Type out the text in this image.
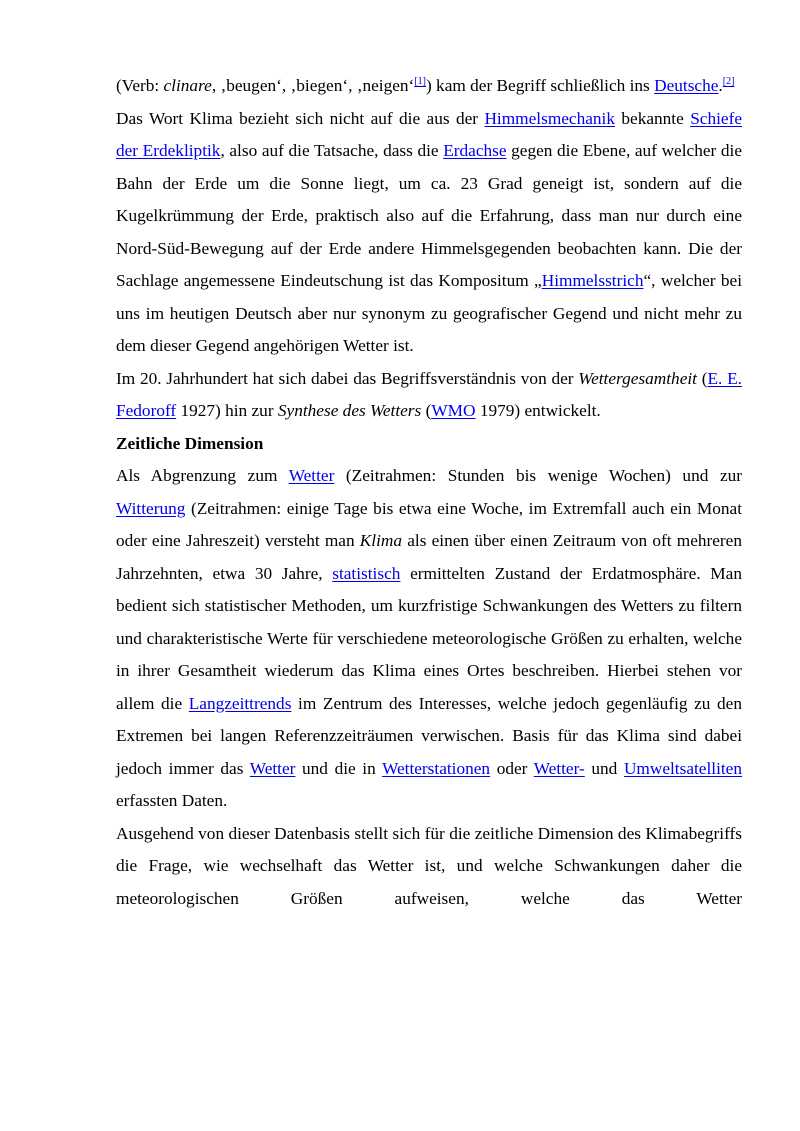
(Verb: clinare, ‚beugen‘, ‚biegen‘, ‚neigen‘[1]) kam der Begriff schließlich ins Deutsche.[2]

Das Wort Klima bezieht sich nicht auf die aus der Himmelsmechanik bekannte Schiefe der Erdekliptik, also auf die Tatsache, dass die Erdachse gegen die Ebene, auf welcher die Bahn der Erde um die Sonne liegt, um ca. 23 Grad geneigt ist, sondern auf die Kugelkrümmung der Erde, praktisch also auf die Erfahrung, dass man nur durch eine Nord-Süd-Bewegung auf der Erde andere Himmelsgegenden beobachten kann. Die der Sachlage angemessene Eindeutschung ist das Kompositum „Himmelsstrich“, welcher bei uns im heutigen Deutsch aber nur synonym zu geografischer Gegend und nicht mehr zu dem dieser Gegend angehörigen Wetter ist.

Im 20. Jahrhundert hat sich dabei das Begriffsverständnis von der Wettergesamtheit (E. E. Fedoroff 1927) hin zur Synthese des Wetters (WMO 1979) entwickelt.

Zeitliche Dimension

Als Abgrenzung zum Wetter (Zeitrahmen: Stunden bis wenige Wochen) und zur Witterung (Zeitrahmen: einige Tage bis etwa eine Woche, im Extremfall auch ein Monat oder eine Jahreszeit) versteht man Klima als einen über einen Zeitraum von oft mehreren Jahrzehnten, etwa 30 Jahre, statistisch ermittelten Zustand der Erdatmosphäre. Man bedient sich statistischer Methoden, um kurzfristige Schwankungen des Wetters zu filtern und charakteristische Werte für verschiedene meteorologische Größen zu erhalten, welche in ihrer Gesamtheit wiederum das Klima eines Ortes beschreiben. Hierbei stehen vor allem die Langzeittrends im Zentrum des Interesses, welche jedoch gegenläufig zu den Extremen bei langen Referenzzeiträumen verwischen. Basis für das Klima sind dabei jedoch immer das Wetter und die in Wetterstationen oder Wetter- und Umweltsatelliten erfassten Daten.

Ausgehend von dieser Datenbasis stellt sich für die zeitliche Dimension des Klimabegriffs die Frage, wie wechselhaft das Wetter ist, und welche Schwankungen daher die meteorologischen Größen aufweisen, welche das Wetter
